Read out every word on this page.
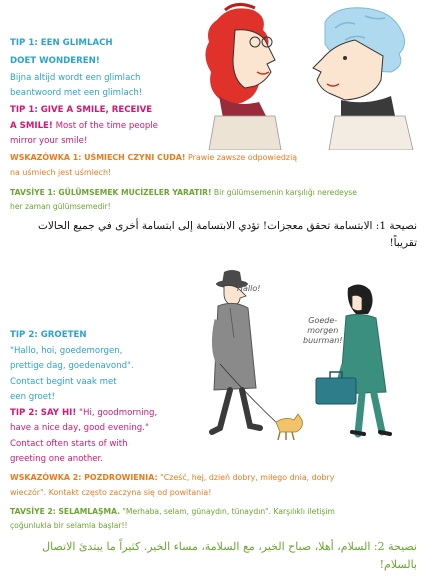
TIP 1: EEN GLIMLACH

DOET WONDEREN!

Bijna altijd wordt een glimlach

beantwoord met een glimlach!

TIP 1: GIVE A SMILE, RECEIVE

A SMILE! Most of the time people

mirror your smile!

WSKAZÓWKA 1: UŚMIECH CZYNI CUDA! Prawie zawsze odpowiedzią

na uśmiech jest uśmiech!

TAVSİYE 1: GÜLÜMSEMEK MUCİZELER YARATIR! Bir gülümsemenin karşılığı neredeyse

her zaman gülümsemedir!

نصيحة 1: الابتسامة تحقق معجزات! تؤدي الابتسامة إلى ابتسامة أخرى في جميع الحالات

تقريباً!

Hallo!
Goede-
morgen
buurman!

TIP 2: GROETEN

"Hallo, hoi, goedemorgen,

prettige dag, goedenavond".

Contact begint vaak met

een groet!

TIP 2: SAY HI! "Hi, goodmorning,

have a nice day, good evening."

Contact often starts of with

greeting one another.

WSKAZÓWKA 2: POZDROWIENIA: "Cześć, hej, dzień dobry, miłego dnia, dobry

wieczór". Kontakt często zaczyna się od powitania!

TAVSİYE 2: SELAMLAŞMA. "Merhaba, selam, günaydın, tünaydın". Karşılıklı iletişim

çoğunlukla bir selamla başlar!!

نصيحة 2: السلام، أهلا، صباح الخير، مع السلامة، مساء الخير. كثيراً ما يبتدئ الاتصال

بالسلام!
